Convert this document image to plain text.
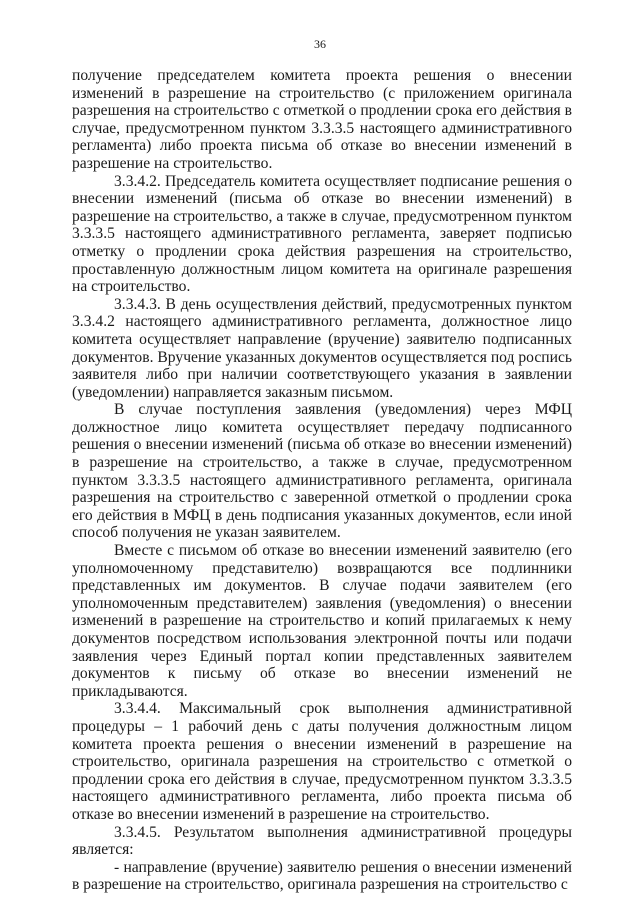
36

получение председателем комитета проекта решения о внесении изменений в разрешение на строительство (с приложением оригинала разрешения на строительство с отметкой о продлении срока его действия в случае, предусмотренном пунктом 3.3.3.5 настоящего административного регламента) либо проекта письма об отказе во внесении изменений в разрешение на строительство.

3.3.4.2. Председатель комитета осуществляет подписание решения о внесении изменений (письма об отказе во внесении изменений) в разрешение на строительство, а также в случае, предусмотренном пунктом 3.3.3.5 настоящего административного регламента, заверяет подписью отметку о продлении срока действия разрешения на строительство, проставленную должностным лицом комитета на оригинале разрешения на строительство.

3.3.4.3. В день осуществления действий, предусмотренных пунктом 3.3.4.2 настоящего административного регламента, должностное лицо комитета осуществляет направление (вручение) заявителю подписанных документов. Вручение указанных документов осуществляется под роспись заявителя либо при наличии соответствующего указания в заявлении (уведомлении) направляется заказным письмом.

В случае поступления заявления (уведомления) через МФЦ должностное лицо комитета осуществляет передачу подписанного решения о внесении изменений (письма об отказе во внесении изменений) в разрешение на строительство, а также в случае, предусмотренном пунктом 3.3.3.5 настоящего административного регламента, оригинала разрешения на строительство с заверенной отметкой о продлении срока его действия в МФЦ в день подписания указанных документов, если иной способ получения не указан заявителем.

Вместе с письмом об отказе во внесении изменений заявителю (его уполномоченному представителю) возвращаются все подлинники представленных им документов. В случае подачи заявителем (его уполномоченным представителем) заявления (уведомления) о внесении изменений в разрешение на строительство и копий прилагаемых к нему документов посредством использования электронной почты или подачи заявления через Единый портал копии представленных заявителем документов к письму об отказе во внесении изменений не прикладываются.

3.3.4.4. Максимальный срок выполнения административной процедуры – 1 рабочий день с даты получения должностным лицом комитета проекта решения о внесении изменений в разрешение на строительство, оригинала разрешения на строительство с отметкой о продлении срока его действия в случае, предусмотренном пунктом 3.3.3.5 настоящего административного регламента, либо проекта письма об отказе во внесении изменений в разрешение на строительство.

3.3.4.5. Результатом выполнения административной процедуры является:

- направление (вручение) заявителю решения о внесении изменений в разрешение на строительство, оригинала разрешения на строительство с
